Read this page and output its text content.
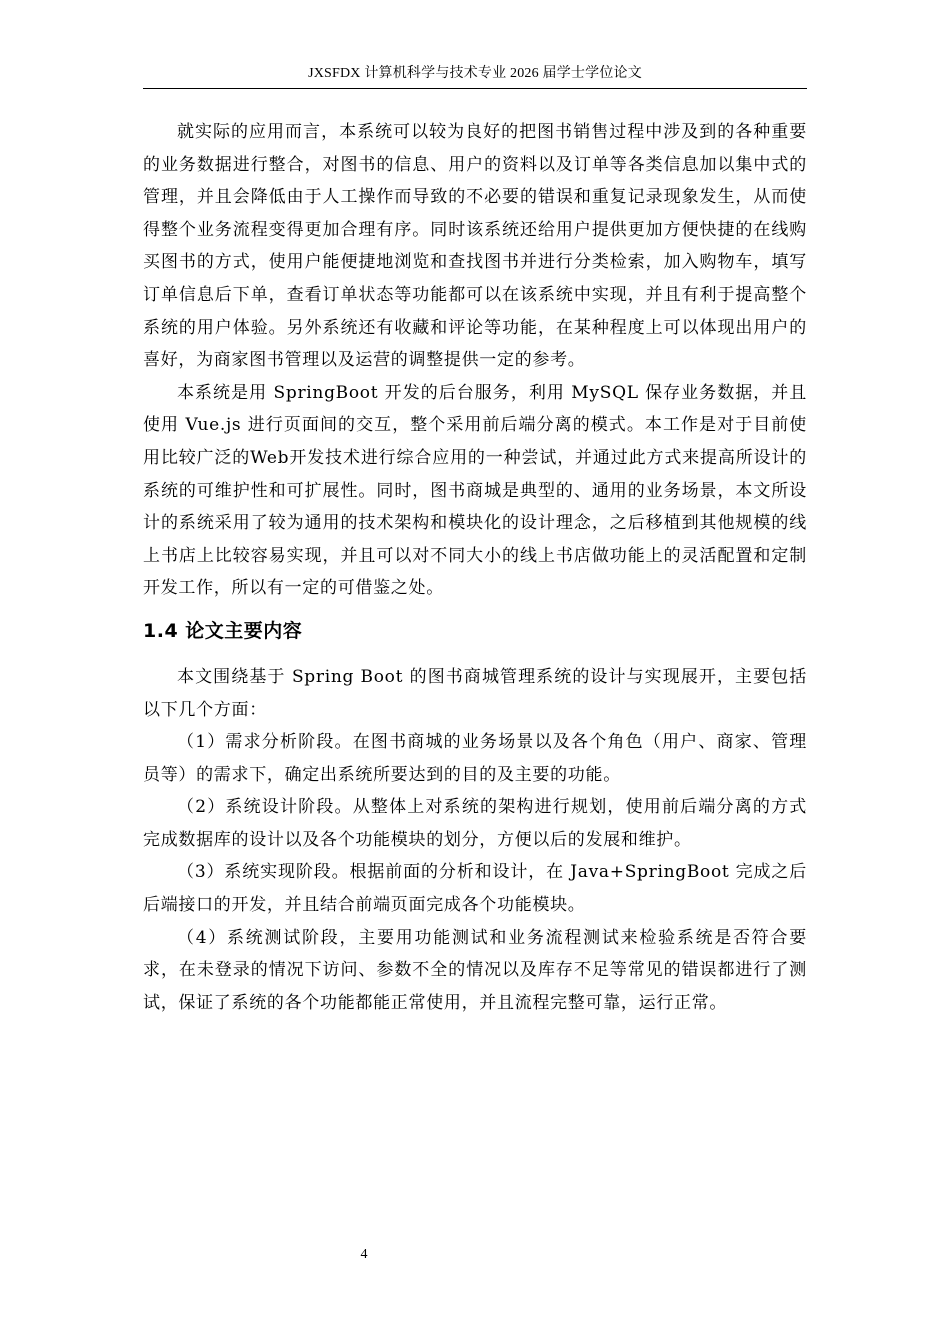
JXSFDX 计算机科学与技术专业 2026 届学士学位论文

就实际的应用而言，本系统可以较为良好的把图书销售过程中涉及到的各种重要的业务数据进行整合，对图书的信息、用户的资料以及订单等各类信息加以集中式的管理，并且会降低由于人工操作而导致的不必要的错误和重复记录现象发生，从而使得整个业务流程变得更加合理有序。同时该系统还给用户提供更加方便快捷的在线购买图书的方式，使用户能便捷地浏览和查找图书并进行分类检索，加入购物车，填写订单信息后下单，查看订单状态等功能都可以在该系统中实现，并且有利于提高整个系统的用户体验。另外系统还有收藏和评论等功能，在某种程度上可以体现出用户的喜好，为商家图书管理以及运营的调整提供一定的参考。

本系统是用 SpringBoot 开发的后台服务，利用 MySQL 保存业务数据，并且使用 Vue.js 进行页面间的交互，整个采用前后端分离的模式。本工作是对于目前使用比较广泛的Web开发技术进行综合应用的一种尝试，并通过此方式来提高所设计的系统的可维护性和可扩展性。同时，图书商城是典型的、通用的业务场景，本文所设计的系统采用了较为通用的技术架构和模块化的设计理念，之后移植到其他规模的线上书店上比较容易实现，并且可以对不同大小的线上书店做功能上的灵活配置和定制开发工作，所以有一定的可借鉴之处。

1.4 论文主要内容

本文围绕基于 Spring Boot 的图书商城管理系统的设计与实现展开，主要包括以下几个方面：

（1）需求分析阶段。在图书商城的业务场景以及各个角色（用户、商家、管理员等）的需求下，确定出系统所要达到的目的及主要的功能。

（2）系统设计阶段。从整体上对系统的架构进行规划，使用前后端分离的方式完成数据库的设计以及各个功能模块的划分，方便以后的发展和维护。

（3）系统实现阶段。根据前面的分析和设计，在 Java+SpringBoot 完成之后后端接口的开发，并且结合前端页面完成各个功能模块。

（4）系统测试阶段，主要用功能测试和业务流程测试来检验系统是否符合要求，在未登录的情况下访问、参数不全的情况以及库存不足等常见的错误都进行了测试，保证了系统的各个功能都能正常使用，并且流程完整可靠，运行正常。

4
